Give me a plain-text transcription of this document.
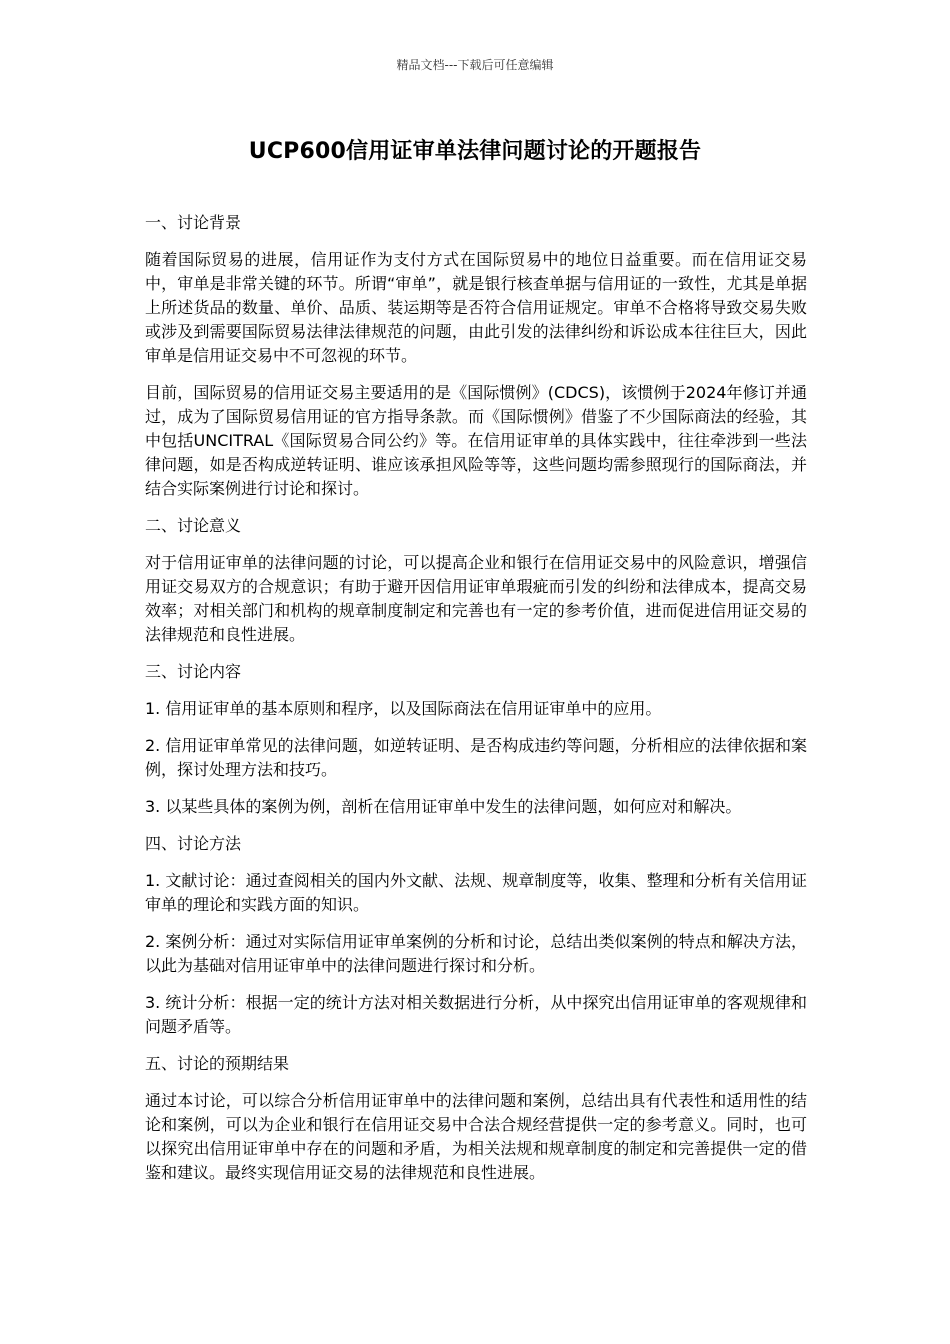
精品文档---下载后可任意编辑
UCP600信用证审单法律问题讨论的开题报告

一、讨论背景

随着国际贸易的进展，信用证作为支付方式在国际贸易中的地位日益重要。而在信用证交易中，审单是非常关键的环节。所谓“审单”，就是银行核查单据与信用证的一致性，尤其是单据上所述货品的数量、单价、品质、装运期等是否符合信用证规定。审单不合格将导致交易失败或涉及到需要国际贸易法律法律规范的问题，由此引发的法律纠纷和诉讼成本往往巨大，因此审单是信用证交易中不可忽视的环节。

目前，国际贸易的信用证交易主要适用的是《国际惯例》(CDCS)，该惯例于2024年修订并通过，成为了国际贸易信用证的官方指导条款。而《国际惯例》借鉴了不少国际商法的经验，其中包括UNCITRAL《国际贸易合同公约》等。在信用证审单的具体实践中，往往牵涉到一些法律问题，如是否构成逆转证明、谁应该承担风险等等，这些问题均需参照现行的国际商法，并结合实际案例进行讨论和探讨。

二、讨论意义

对于信用证审单的法律问题的讨论，可以提高企业和银行在信用证交易中的风险意识，增强信用证交易双方的合规意识；有助于避开因信用证审单瑕疵而引发的纠纷和法律成本，提高交易效率；对相关部门和机构的规章制度制定和完善也有一定的参考价值，进而促进信用证交易的法律规范和良性进展。

三、讨论内容

1. 信用证审单的基本原则和程序，以及国际商法在信用证审单中的应用。

2. 信用证审单常见的法律问题，如逆转证明、是否构成违约等问题，分析相应的法律依据和案例，探讨处理方法和技巧。

3. 以某些具体的案例为例，剖析在信用证审单中发生的法律问题，如何应对和解决。

四、讨论方法

1. 文献讨论：通过查阅相关的国内外文献、法规、规章制度等，收集、整理和分析有关信用证审单的理论和实践方面的知识。

2. 案例分析：通过对实际信用证审单案例的分析和讨论，总结出类似案例的特点和解决方法，以此为基础对信用证审单中的法律问题进行探讨和分析。

3. 统计分析：根据一定的统计方法对相关数据进行分析，从中探究出信用证审单的客观规律和问题矛盾等。

五、讨论的预期结果

通过本讨论，可以综合分析信用证审单中的法律问题和案例，总结出具有代表性和适用性的结论和案例，可以为企业和银行在信用证交易中合法合规经营提供一定的参考意义。同时，也可以探究出信用证审单中存在的问题和矛盾，为相关法规和规章制度的制定和完善提供一定的借鉴和建议。最终实现信用证交易的法律规范和良性进展。
